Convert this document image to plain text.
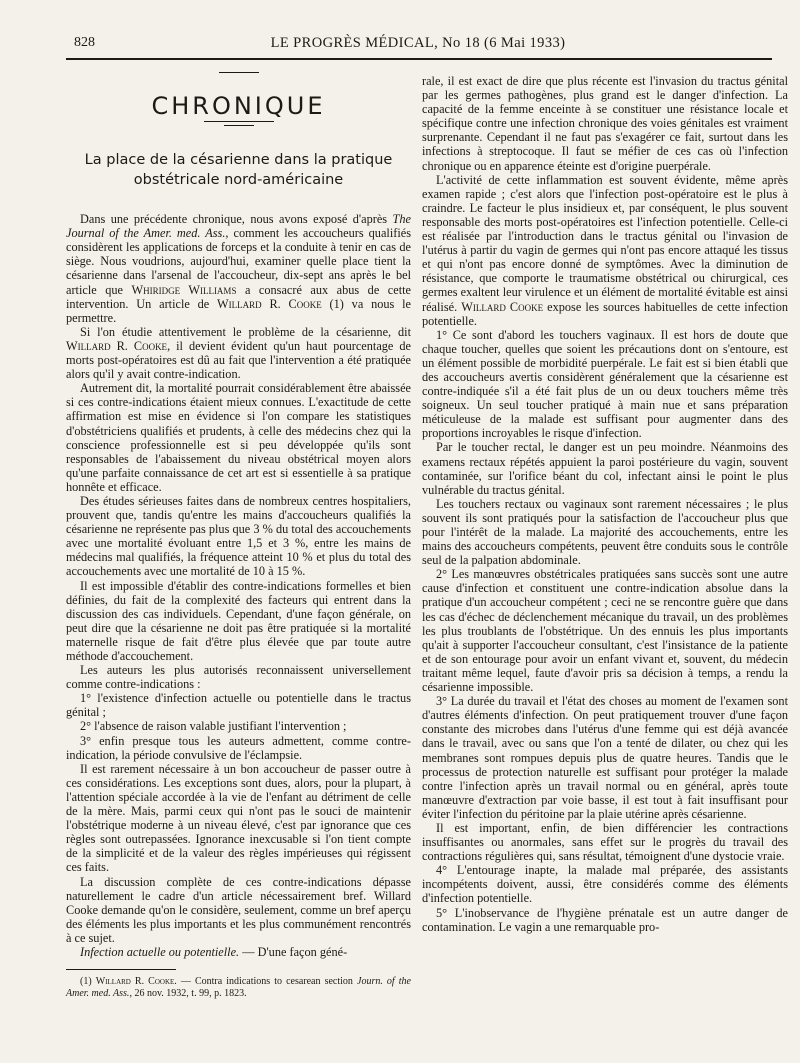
828	LE PROGRÈS MÉDICAL, No 18 (6 Mai 1933)
CHRONIQUE
La place de la césarienne dans la pratique obstétricale nord-américaine

Dans une précédente chronique, nous avons exposé d'après The Journal of the Amer. med. Ass., comment les accoucheurs qualifiés considèrent les applications de forceps et la conduite à tenir en cas de siège. Nous voudrions, aujourd'hui, examiner quelle place tient la césarienne dans l'arsenal de l'accoucheur, dix-sept ans après le bel article que Whiridge Williams a consacré aux abus de cette intervention. Un article de Willard R. Cooke (1) va nous le permettre.

Si l'on étudie attentivement le problème de la césarienne, dit Willard R. Cooke, il devient évident qu'un haut pourcentage de morts post-opératoires est dû au fait que l'intervention a été pratiquée alors qu'il y avait contre-indication.

Autrement dit, la mortalité pourrait considérablement être abaissée si ces contre-indications étaient mieux connues. L'exactitude de cette affirmation est mise en évidence si l'on compare les statistiques d'obstétriciens qualifiés et prudents, à celle des médecins chez qui la conscience professionnelle est si peu développée qu'ils sont responsables de l'abaissement du niveau obstétrical moyen alors qu'une parfaite connaissance de cet art est si essentielle à sa pratique honnête et efficace.

Des études sérieuses faites dans de nombreux centres hospitaliers, prouvent que, tandis qu'entre les mains d'accoucheurs qualifiés la césarienne ne représente pas plus que 3 % du total des accouchements avec une mortalité évoluant entre 1,5 et 3 %, entre les mains de médecins mal qualifiés, la fréquence atteint 10 % et plus du total des accouchements avec une mortalité de 10 à 15 %.

Il est impossible d'établir des contre-indications formelles et bien définies, du fait de la complexité des facteurs qui entrent dans la discussion des cas individuels. Cependant, d'une façon générale, on peut dire que la césarienne ne doit pas être pratiquée si la mortalité maternelle risque de fait d'être plus élevée que par toute autre méthode d'accouchement.

Les auteurs les plus autorisés reconnaissent universellement comme contre-indications :

1° l'existence d'infection actuelle ou potentielle dans le tractus génital ;

2° l'absence de raison valable justifiant l'intervention ;

3° enfin presque tous les auteurs admettent, comme contre-indication, la période convulsive de l'éclampsie.

Il est rarement nécessaire à un bon accoucheur de passer outre à ces considérations. Les exceptions sont dues, alors, pour la plupart, à l'attention spéciale accordée à la vie de l'enfant au détriment de celle de la mère. Mais, parmi ceux qui n'ont pas le souci de maintenir l'obstétrique moderne à un niveau élevé, c'est par ignorance que ces règles sont outrepassées. Ignorance inexcusable si l'on tient compte de la simplicité et de la valeur des règles impérieuses qui régissent ces faits.

La discussion complète de ces contre-indications dépasse naturellement le cadre d'un article nécessairement bref. Willard Cooke demande qu'on le considère, seulement, comme un bref aperçu des éléments les plus importants et les plus communément rencontrés à ce sujet.

Infection actuelle ou potentielle. — D'une façon géné-

(1) Willard R. Cooke. — Contra indications to cesarean section Journ. of the Amer. med. Ass., 26 nov. 1932, t. 99, p. 1823.

rale, il est exact de dire que plus récente est l'invasion du tractus génital par les germes pathogènes, plus grand est le danger d'infection. La capacité de la femme enceinte à se constituer une résistance locale et spécifique contre une infection chronique des voies génitales est vraiment surprenante. Cependant il ne faut pas s'exagérer ce fait, surtout dans les infections à streptocoque. Il faut se méfier de ces cas où l'infection chronique ou en apparence éteinte est d'origine puerpérale.

L'activité de cette inflammation est souvent évidente, même après examen rapide ; c'est alors que l'infection post-opératoire est le plus à craindre. Le facteur le plus insidieux et, par conséquent, le plus souvent responsable des morts post-opératoires est l'infection potentielle. Celle-ci est réalisée par l'introduction dans le tractus génital ou l'invasion de l'utérus à partir du vagin de germes qui n'ont pas encore attaqué les tissus et qui n'ont pas encore donné de symptômes. Avec la diminution de résistance, que comporte le traumatisme obstétrical ou chirurgical, ces germes exaltent leur virulence et un élément de mortalité évitable est ainsi réalisé. Willard Cooke expose les sources habituelles de cette infection potentielle.

1° Ce sont d'abord les touchers vaginaux. Il est hors de doute que chaque toucher, quelles que soient les précautions dont on s'entoure, est un élément possible de morbidité puerpérale. Le fait est si bien établi que des accoucheurs avertis considèrent généralement que la césarienne est contre-indiquée s'il a été fait plus de un ou deux touchers même très soigneux. Un seul toucher pratiqué à main nue et sans préparation méticuleuse de la malade est suffisant pour augmenter dans des proportions incroyables le risque d'infection.

Par le toucher rectal, le danger est un peu moindre. Néanmoins des examens rectaux répétés appuient la paroi postérieure du vagin, souvent contaminée, sur l'orifice béant du col, infectant ainsi le point le plus vulnérable du tractus génital.

Les touchers rectaux ou vaginaux sont rarement nécessaires ; le plus souvent ils sont pratiqués pour la satisfaction de l'accoucheur plus que pour l'intérêt de la malade. La majorité des accouchements, entre les mains des accoucheurs compétents, peuvent être conduits sous le contrôle seul de la palpation abdominale.

2° Les manœuvres obstétricales pratiquées sans succès sont une autre cause d'infection et constituent une contre-indication absolue dans la pratique d'un accoucheur compétent ; ceci ne se rencontre guère que dans les cas d'échec de déclenchement mécanique du travail, un des problèmes les plus troublants de l'obstétrique. Un des ennuis les plus importants qu'ait à supporter l'accoucheur consultant, c'est l'insistance de la patiente et de son entourage pour avoir un enfant vivant et, souvent, du médecin traitant même lequel, faute d'avoir pris sa décision à temps, a rendu la césarienne impossible.

3° La durée du travail et l'état des choses au moment de l'examen sont d'autres éléments d'infection. On peut pratiquement trouver d'une façon constante des microbes dans l'utérus d'une femme qui est déjà avancée dans le travail, avec ou sans que l'on a tenté de dilater, ou chez qui les membranes sont rompues depuis plus de quatre heures. Tandis que le processus de protection naturelle est suffisant pour protéger la malade contre l'infection après un travail normal ou en général, après toute manœuvre d'extraction par voie basse, il est tout à fait insuffisant pour éviter l'infection du péritoine par la plaie utérine après césarienne.

Il est important, enfin, de bien différencier les contractions insuffisantes ou anormales, sans effet sur le progrès du travail des contractions régulières qui, sans résultat, témoignent d'une dystocie vraie.

4° L'entourage inapte, la malade mal préparée, des assistants incompétents doivent, aussi, être considérés comme des éléments d'infection potentielle.

5° L'inobservance de l'hygiène prénatale est un autre danger de contamination. Le vagin a une remarquable pro-
